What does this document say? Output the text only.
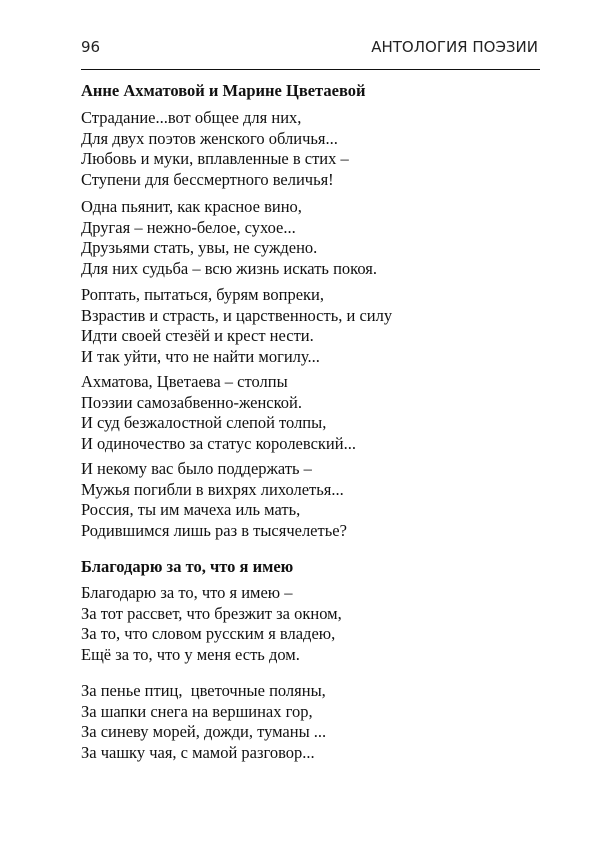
96	АНТОЛОГИЯ ПОЭЗИИ
Анне Ахматовой и Марине Цветаевой
Страдание...вот общее для них,
Для двух поэтов женского обличья...
Любовь и муки, вплавленные в стих –
Ступени для бессмертного величья!
Одна пьянит, как красное вино,
Другая – нежно-белое, сухое...
Друзьями стать, увы, не суждено.
Для них судьба – всю жизнь искать покоя.
Роптать, пытаться, бурям вопреки,
Взрастив и страсть, и царственность, и силу
Идти своей стезёй и крест нести.
И так уйти, что не найти могилу...
Ахматова, Цветаева – столпы
Поэзии самозабвенно-женской.
И суд безжалостной слепой толпы,
И одиночество за статус королевский...
И некому вас было поддержать –
Мужья погибли в вихрях лихолетья...
Россия, ты им мачеха иль мать,
Родившимся лишь раз в тысячелетье?
Благодарю за то, что я имею
Благодарю за то, что я имею –
За тот рассвет, что брезжит за окном,
За то, что словом русским я владею,
Ещё за то, что у меня есть дом.
За пенье птиц,  цветочные поляны,
За шапки снега на вершинах гор,
За синеву морей, дожди, туманы ...
За чашку чая, с мамой разговор...
